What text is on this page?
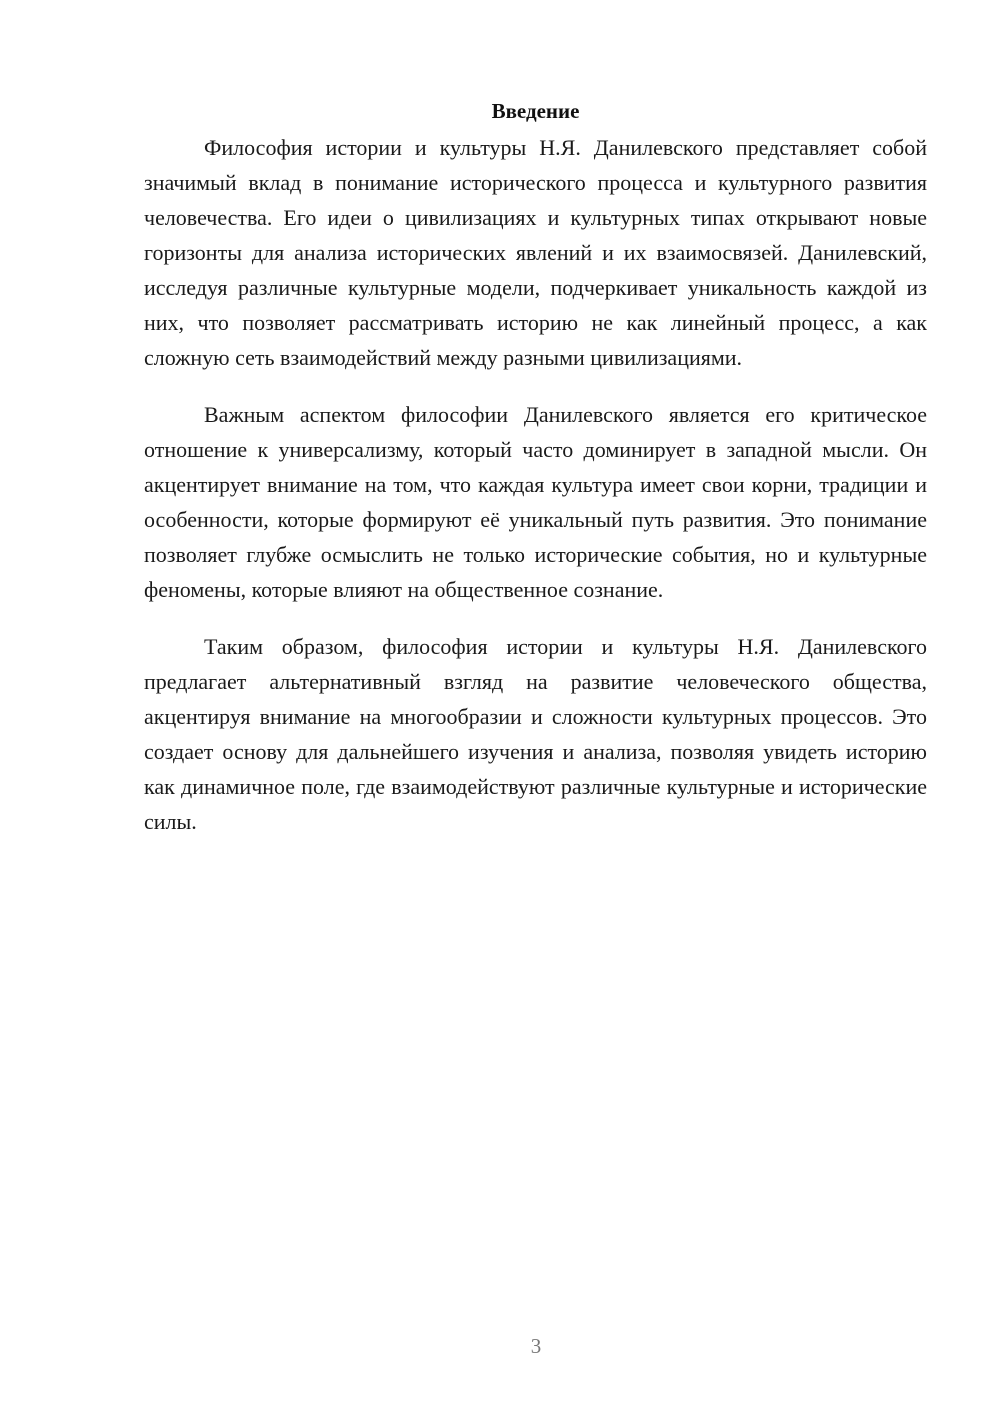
Введение

Философия истории и культуры Н.Я. Данилевского представляет собой значимый вклад в понимание исторического процесса и культурного развития человечества. Его идеи о цивилизациях и культурных типах открывают новые горизонты для анализа исторических явлений и их взаимосвязей. Данилевский, исследуя различные культурные модели, подчеркивает уникальность каждой из них, что позволяет рассматривать историю не как линейный процесс, а как сложную сеть взаимодействий между разными цивилизациями.

Важным аспектом философии Данилевского является его критическое отношение к универсализму, который часто доминирует в западной мысли. Он акцентирует внимание на том, что каждая культура имеет свои корни, традиции и особенности, которые формируют её уникальный путь развития. Это понимание позволяет глубже осмыслить не только исторические события, но и культурные феномены, которые влияют на общественное сознание.

Таким образом, философия истории и культуры Н.Я. Данилевского предлагает альтернативный взгляд на развитие человеческого общества, акцентируя внимание на многообразии и сложности культурных процессов. Это создает основу для дальнейшего изучения и анализа, позволяя увидеть историю как динамичное поле, где взаимодействуют различные культурные и исторические силы.

3
